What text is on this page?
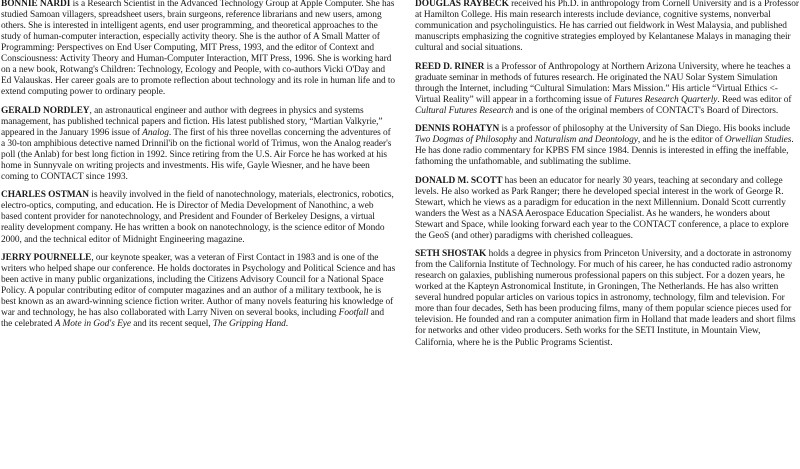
BONNIE NARDI is a Research Scientist in the Advanced Technology Group at Apple Computer. She has studied Samoan villagers, spreadsheet users, brain surgeons, reference librarians and new users, among others. She is interested in intelligent agents, end user programming, and theoretical approaches to the study of human-computer interaction, especially activity theory. She is the author of A Small Matter of Programming: Perspectives on End User Computing, MIT Press, 1993, and the editor of Context and Consciousness: Activity Theory and Human-Computer Interaction, MIT Press, 1996. She is working hard on a new book, Rotwang's Children: Technology, Ecology and People, with co-authors Vicki O'Day and Ed Valauskas. Her career goals are to promote reflection about technology and its role in human life and to extend computing power to ordinary people.

GERALD NORDLEY, an astronautical engineer and author with degrees in physics and systems management, has published technical papers and fiction. His latest published story, “Martian Valkyrie,” appeared in the January 1996 issue of Analog. The first of his three novellas concerning the adventures of a 30-ton amphibious detective named Drinnil'ib on the fictional world of Trimus, won the Analog reader's poll (the Anlab) for best long fiction in 1992. Since retiring from the U.S. Air Force he has worked at his home in Sunnyvale on writing projects and investments. His wife, Gayle Wiesner, and he have been coming to CONTACT since 1993.

CHARLES OSTMAN is heavily involved in the field of nanotechnology, materials, electronics, robotics, electro-optics, computing, and education. He is Director of Media Development of Nanothinc, a web based content provider for nanotechnology, and President and Founder of Berkeley Designs, a virtual reality development company. He has written a book on nanotechnology, is the science editor of Mondo 2000, and the technical editor of Midnight Engineering magazine.

JERRY POURNELLE, our keynote speaker, was a veteran of First Contact in 1983 and is one of the writers who helped shape our conference. He holds doctorates in Psychology and Political Science and has been active in many public organizations, including the Citizens Advisory Council for a National Space Policy. A popular contributing editor of computer magazines and an author of a military textbook, he is best known as an award-winning science fiction writer. Author of many novels featuring his knowledge of war and technology, he has also collaborated with Larry Niven on several books, including Footfall and the celebrated A Mote in God's Eye and its recent sequel, The Gripping Hand.

DOUGLAS RAYBECK received his Ph.D. in anthropology from Cornell University and is a Professor at Hamilton College. His main research interests include deviance, cognitive systems, nonverbal communication and psycholinguistics. He has carried out fieldwork in West Malaysia, and published manuscripts emphasizing the cognitive strategies employed by Kelantanese Malays in managing their cultural and social situations.

REED D. RINER is a Professor of Anthropology at Northern Arizona University, where he teaches a graduate seminar in methods of futures research. He originated the NAU Solar System Simulation through the Internet, including “Cultural Simulation: Mars Mission.” His article “Virtual Ethics <- Virtual Reality” will appear in a forthcoming issue of Futures Research Quarterly. Reed was editor of Cultural Futures Research and is one of the original members of CONTACT's Board of Directors.

DENNIS ROHATYN is a professor of philosophy at the University of San Diego. His books include Two Dogmas of Philosophy and Naturalism and Deontology, and he is the editor of Orwellian Studies. He has done radio commentary for KPBS FM since 1984. Dennis is interested in effing the ineffable, fathoming the unfathomable, and sublimating the sublime.

DONALD M. SCOTT has been an educator for nearly 30 years, teaching at secondary and college levels. He also worked as Park Ranger; there he developed special interest in the work of George R. Stewart, which he views as a paradigm for education in the next Millennium. Donald Scott currently wanders the West as a NASA Aerospace Education Specialist. As he wanders, he wonders about Stewart and Space, while looking forward each year to the CONTACT conference, a place to explore the GeoS (and other) paradigms with cherished colleagues.

SETH SHOSTAK holds a degree in physics from Princeton University, and a doctorate in astronomy from the California Institute of Technology. For much of his career, he has conducted radio astronomy research on galaxies, publishing numerous professional papers on this subject. For a dozen years, he worked at the Kapteyn Astronomical Institute, in Groningen, The Netherlands. He has also written several hundred popular articles on various topics in astronomy, technology, film and television. For more than four decades, Seth has been producing films, many of them popular science pieces used for television. He founded and ran a computer animation firm in Holland that made leaders and short films for networks and other video producers. Seth works for the SETI Institute, in Mountain View, California, where he is the Public Programs Scientist.
